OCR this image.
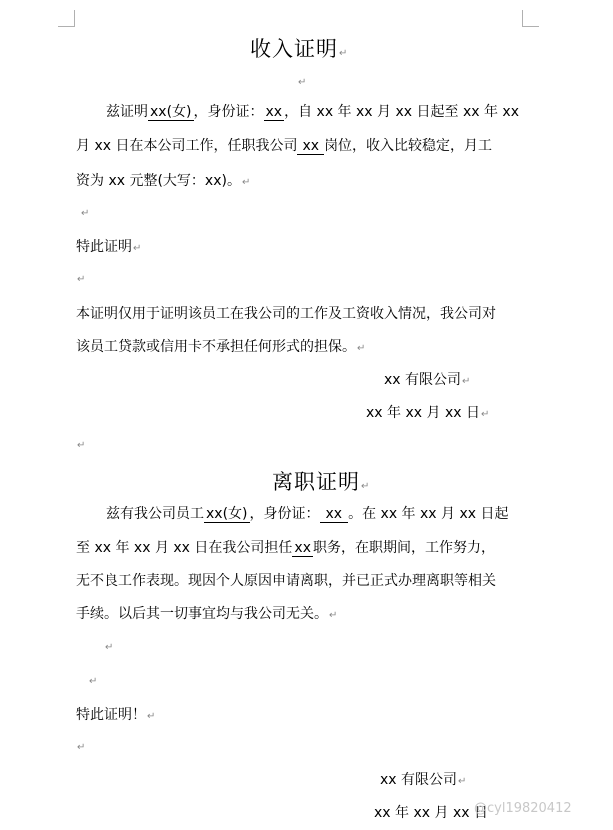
收入证明↵
↵
兹证明 xx(女) ，身份证： xx ，自 xx 年 xx 月 xx 日起至 xx 年 xx
月 xx 日在本公司工作，任职我公司 xx 岗位，收入比较稳定，月工
资为 xx 元整(大写：xx)。↵
↵
特此证明↵
↵
本证明仅用于证明该员工在我公司的工作及工资收入情况，我公司对
该员工贷款或信用卡不承担任何形式的担保。↵
xx 有限公司↵
xx 年 xx 月 xx 日↵
↵
离职证明↵
兹有我公司员工 xx(女) ，身份证： xx 。在 xx 年 xx 月 xx 日起
至 xx 年 xx 月 xx 日在我公司担任 xx 职务，在职期间，工作努力，
无不良工作表现。现因个人原因申请离职，并已正式办理离职等相关
手续。以后其一切事宜均与我公司无关。↵
↵
↵
特此证明！↵
↵
xx 有限公司↵
xx 年 xx 月 xx 日
@cyl19820412
